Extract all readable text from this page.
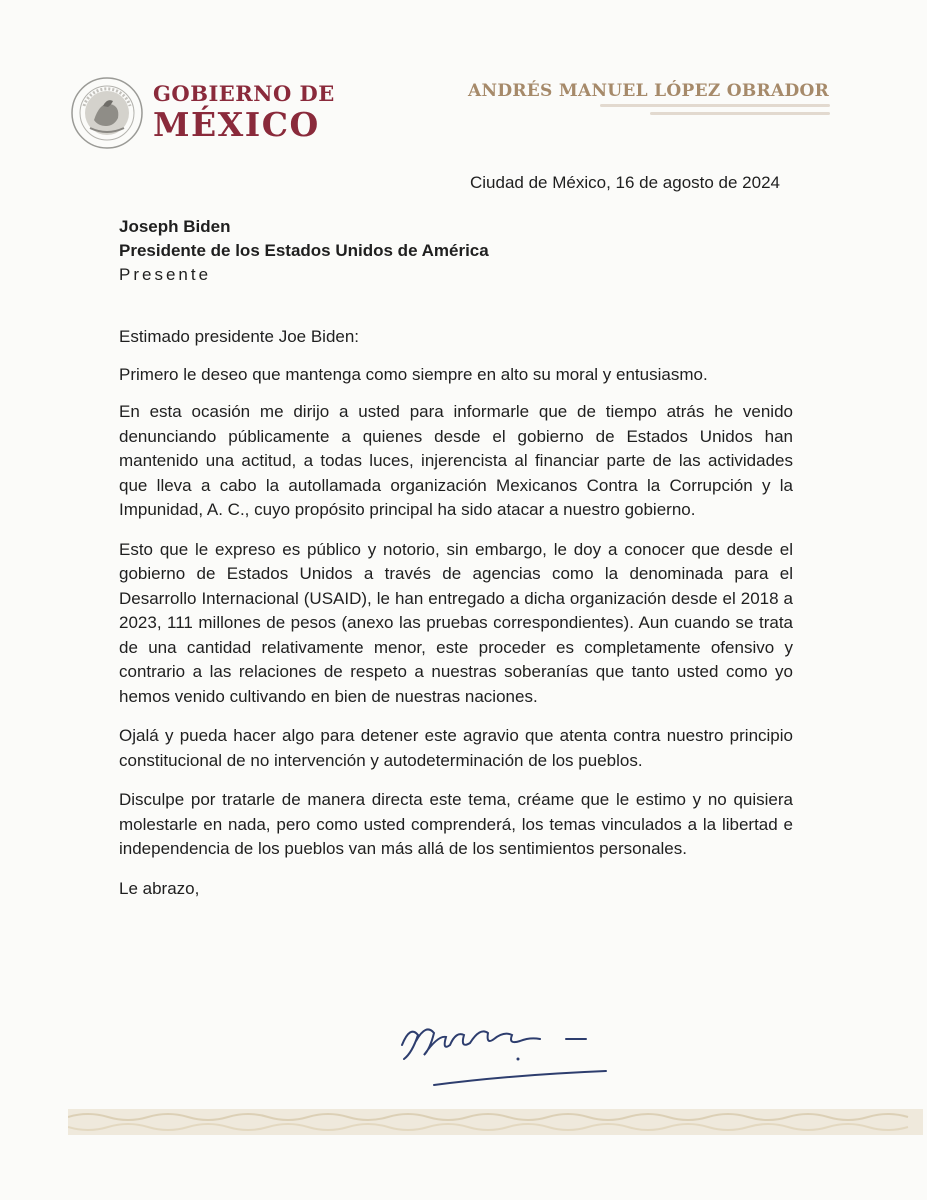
GOBIERNO DE
MÉXICO
ANDRÉS MANUEL LÓPEZ OBRADOR
Ciudad de México, 16 de agosto de 2024
Joseph Biden
Presidente de los Estados Unidos de América
Presente

Estimado presidente Joe Biden:

Primero le deseo que mantenga como siempre en alto su moral y entusiasmo.

En esta ocasión me dirijo a usted para informarle que de tiempo atrás he venido denunciando públicamente a quienes desde el gobierno de Estados Unidos han mantenido una actitud, a todas luces, injerencista al financiar parte de las actividades que lleva a cabo la autollamada organización Mexicanos Contra la Corrupción y la Impunidad, A. C., cuyo propósito principal ha sido atacar a nuestro gobierno.

Esto que le expreso es público y notorio, sin embargo, le doy a conocer que desde el gobierno de Estados Unidos a través de agencias como la denominada para el Desarrollo Internacional (USAID), le han entregado a dicha organización desde el 2018 a 2023, 111 millones de pesos (anexo las pruebas correspondientes). Aun cuando se trata de una cantidad relativamente menor, este proceder es completamente ofensivo y contrario a las relaciones de respeto a nuestras soberanías que tanto usted como yo hemos venido cultivando en bien de nuestras naciones.

Ojalá y pueda hacer algo para detener este agravio que atenta contra nuestro principio constitucional de no intervención y autodeterminación de los pueblos.

Disculpe por tratarle de manera directa este tema, créame que le estimo y no quisiera molestarle en nada, pero como usted comprenderá, los temas vinculados a la libertad e independencia de los pueblos van más allá de los sentimientos personales.

Le abrazo,
